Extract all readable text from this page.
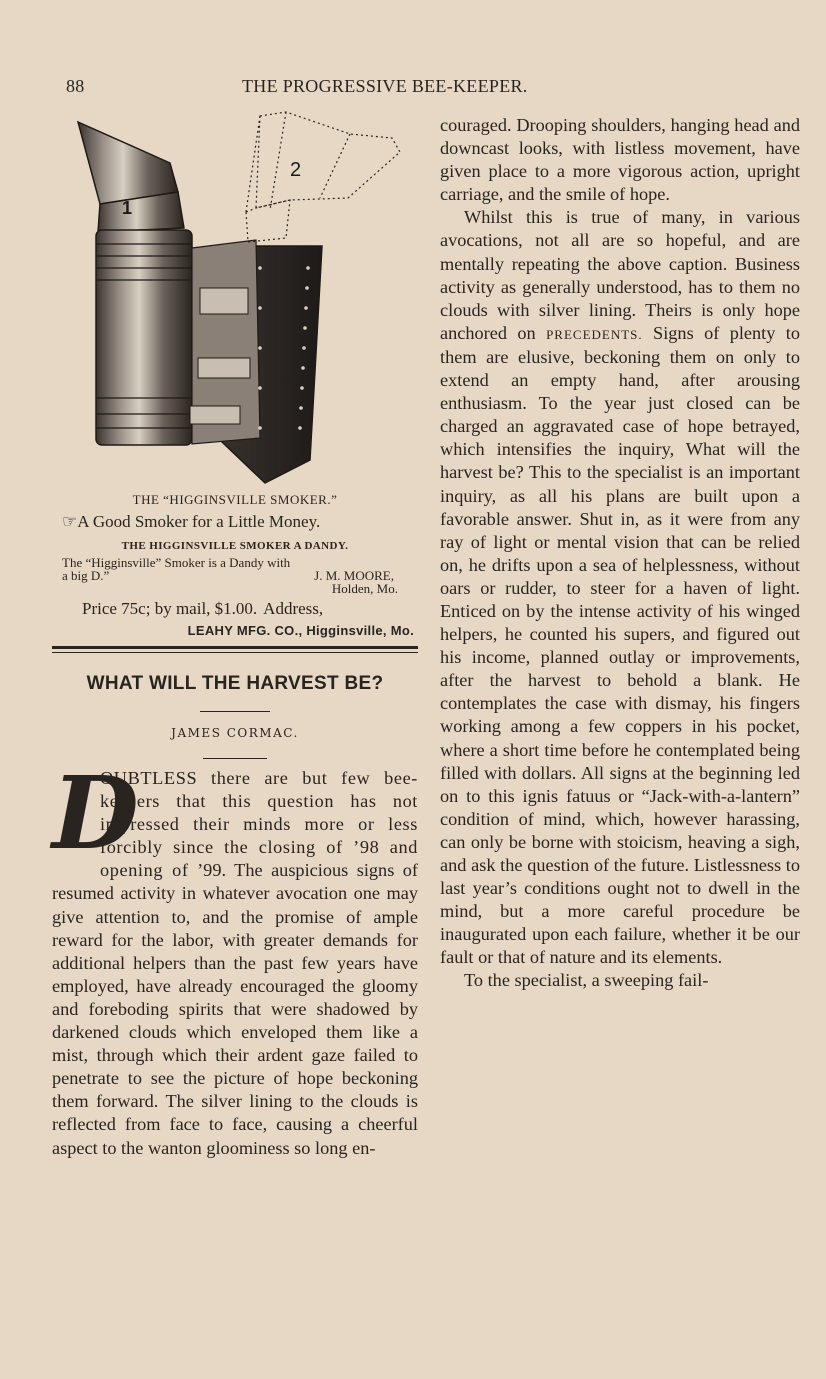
88	THE PROGRESSIVE BEE-KEEPER.
1
2
THE “HIGGINSVILLE SMOKER.”
☞A Good Smoker for a Little Money.
THE HIGGINSVILLE SMOKER A DANDY.
The “Higginsville” Smoker is a Dandy with
a big D.”	J. M. MOORE,
Holden, Mo.
Price 75c; by mail, $1.00. Address,
LEAHY MFG. CO., Higginsville, Mo.
WHAT WILL THE HARVEST BE?
JAMES CORMAC.
D
OUBTLESS there are but few bee-keepers that this question has not impressed their minds more or less forcibly since the closing of ’98 and opening of ’99. The auspicious signs of resumed activity in whatever avocation one may give attention to, and the promise of ample reward for the labor, with greater demands for additional helpers than the past few years have employed, have already encouraged the gloomy and foreboding spirits that were shadowed by darkened clouds which enveloped them like a mist, through which their ardent gaze failed to penetrate to see the picture of hope beckoning them forward. The silver lining to the clouds is reflected from face to face, causing a cheerful aspect to the wanton gloominess so long en-

couraged. Drooping shoulders, hanging head and downcast looks, with listless movement, have given place to a more vigorous action, upright carriage, and the smile of hope.

Whilst this is true of many, in various avocations, not all are so hopeful, and are mentally repeating the above caption. Business activity as generally understood, has to them no clouds with silver lining. Theirs is only hope anchored on PRECEDENTS. Signs of plenty to them are elusive, beckoning them on only to extend an empty hand, after arousing enthusiasm. To the year just closed can be charged an aggravated case of hope betrayed, which intensifies the inquiry, What will the harvest be? This to the specialist is an important inquiry, as all his plans are built upon a favorable answer. Shut in, as it were from any ray of light or mental vision that can be relied on, he drifts upon a sea of helplessness, without oars or rudder, to steer for a haven of light. Enticed on by the intense activity of his winged helpers, he counted his supers, and figured out his income, planned outlay or improvements, after the harvest to behold a blank. He contemplates the case with dismay, his fingers working among a few coppers in his pocket, where a short time before he contemplated being filled with dollars. All signs at the beginning led on to this ignis fatuus or “Jack-with-a-lantern” condition of mind, which, however harassing, can only be borne with stoicism, heaving a sigh, and ask the question of the future. Listlessness to last year’s conditions ought not to dwell in the mind, but a more careful procedure be inaugurated upon each failure, whether it be our fault or that of nature and its elements.

To the specialist, a sweeping fail-
